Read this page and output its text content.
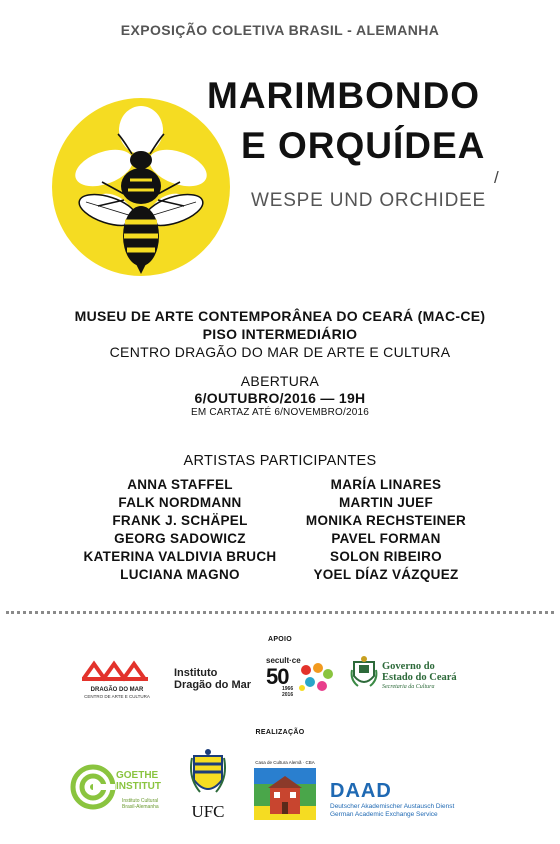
EXPOSIÇÃO COLETIVA BRASIL - ALEMANHA
MARIMBONDO
E ORQUÍDEA
/
WESPE UND ORCHIDEE
MUSEU DE ARTE CONTEMPORÂNEA DO CEARÁ (MAC-CE)
PISO INTERMEDIÁRIO
CENTRO DRAGÃO DO MAR DE ARTE E CULTURA
ABERTURA
6/OUTUBRO/2016 — 19H
EM CARTAZ ATÉ 6/NOVEMBRO/2016
ARTISTAS PARTICIPANTES
ANNA STAFFEL
FALK NORDMANN
FRANK J. SCHÄPEL
GEORG SADOWICZ
KATERINA VALDIVIA BRUCH
LUCIANA MAGNO
MARÍA LINARES
MARTIN JUEF
MONIKA RECHSTEINER
PAVEL FORMAN
SOLON RIBEIRO
YOEL DÍAZ VÁZQUEZ
APOIO
DRAGÃO DO MAR
CENTRO DE ARTE E CULTURA
Instituto
Dragão do Mar
secult·ce
50
1966
2016
Governo do
Estado do Ceará
Secretaria da Cultura
REALIZAÇÃO
GOETHE
INSTITUT
Instituto Cultural
Brasil-Alemanha UFC
Casa de Cultura Alemã · CBA
DAAD
Deutscher Akademischer Austausch Dienst
German Academic Exchange Service
